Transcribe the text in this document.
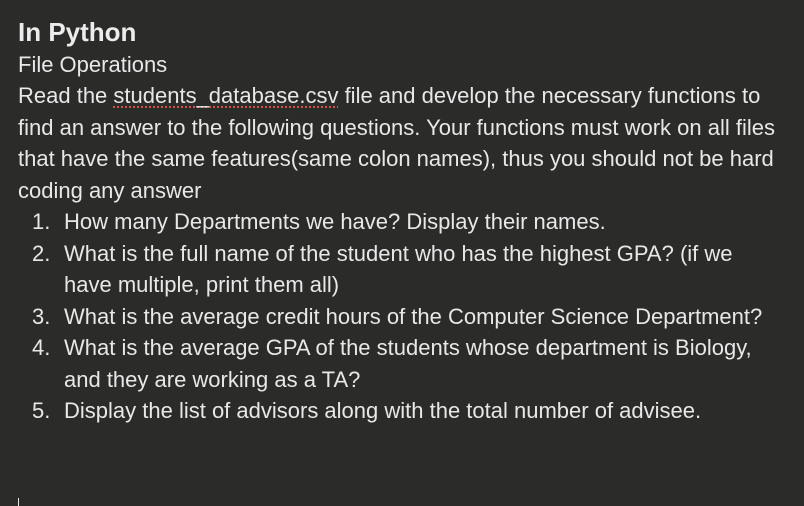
In Python

File Operations

Read the students_database.csv file and develop the necessary functions to find an answer to the following questions. Your functions must work on all files that have the same features(same colon names), thus you should not be hard coding any answer

1. How many Departments we have? Display their names.
2. What is the full name of the student who has the highest GPA? (if we have multiple, print them all)
3. What is the average credit hours of the Computer Science Department?
4. What is the average GPA of the students whose department is Biology, and they are working as a TA?
5. Display the list of advisors along with the total number of advisee.
